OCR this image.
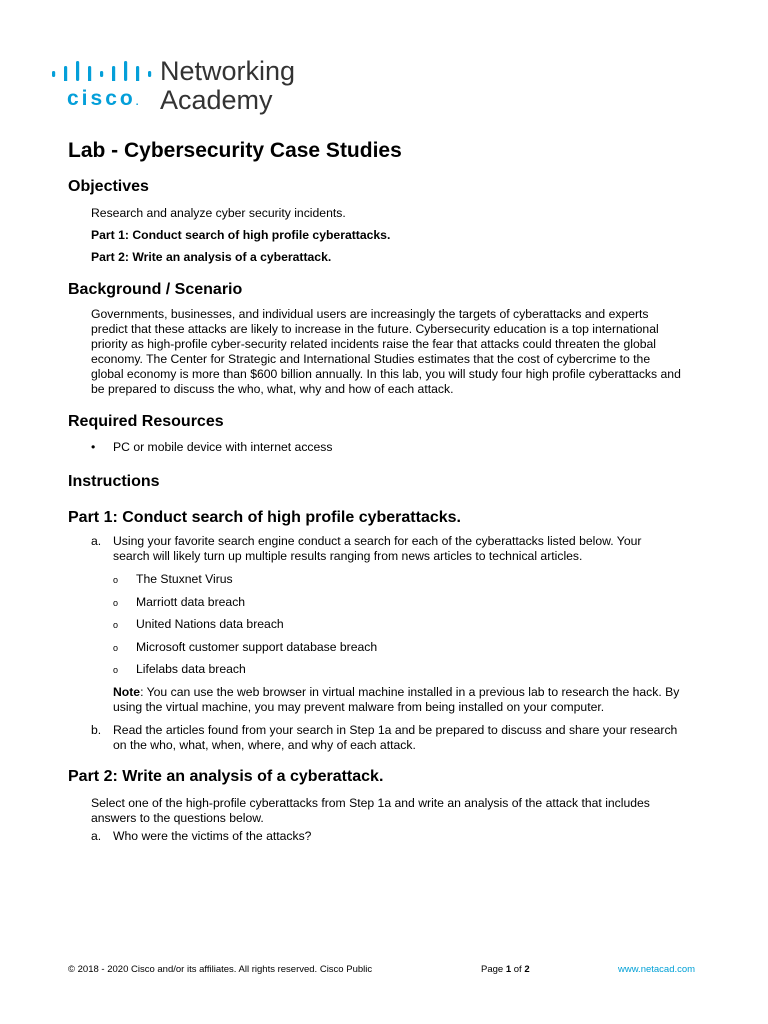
cisco.
Networking
Academy
Lab - Cybersecurity Case Studies
Objectives
Research and analyze cyber security incidents.
Part 1: Conduct search of high profile cyberattacks.
Part 2: Write an analysis of a cyberattack.
Background / Scenario
Governments, businesses, and individual users are increasingly the targets of cyberattacks and experts
predict that these attacks are likely to increase in the future. Cybersecurity education is a top international
priority as high-profile cyber-security related incidents raise the fear that attacks could threaten the global
economy. The Center for Strategic and International Studies estimates that the cost of cybercrime to the
global economy is more than $600 billion annually. In this lab, you will study four high profile cyberattacks and
be prepared to discuss the who, what, why and how of each attack.
Required Resources
• PC or mobile device with internet access
Instructions
Part 1: Conduct search of high profile cyberattacks.
a. Using your favorite search engine conduct a search for each of the cyberattacks listed below. Your
search will likely turn up multiple results ranging from news articles to technical articles.
o The Stuxnet Virus
o Marriott data breach
o United Nations data breach
o Microsoft customer support database breach
o Lifelabs data breach
Note: You can use the web browser in virtual machine installed in a previous lab to research the hack. By
using the virtual machine, you may prevent malware from being installed on your computer.
b. Read the articles found from your search in Step 1a and be prepared to discuss and share your research
on the who, what, when, where, and why of each attack.
Part 2: Write an analysis of a cyberattack.
Select one of the high-profile cyberattacks from Step 1a and write an analysis of the attack that includes
answers to the questions below.
a. Who were the victims of the attacks?
© 2018 - 2020 Cisco and/or its affiliates. All rights reserved. Cisco Public	Page 1 of 2	www.netacad.com
